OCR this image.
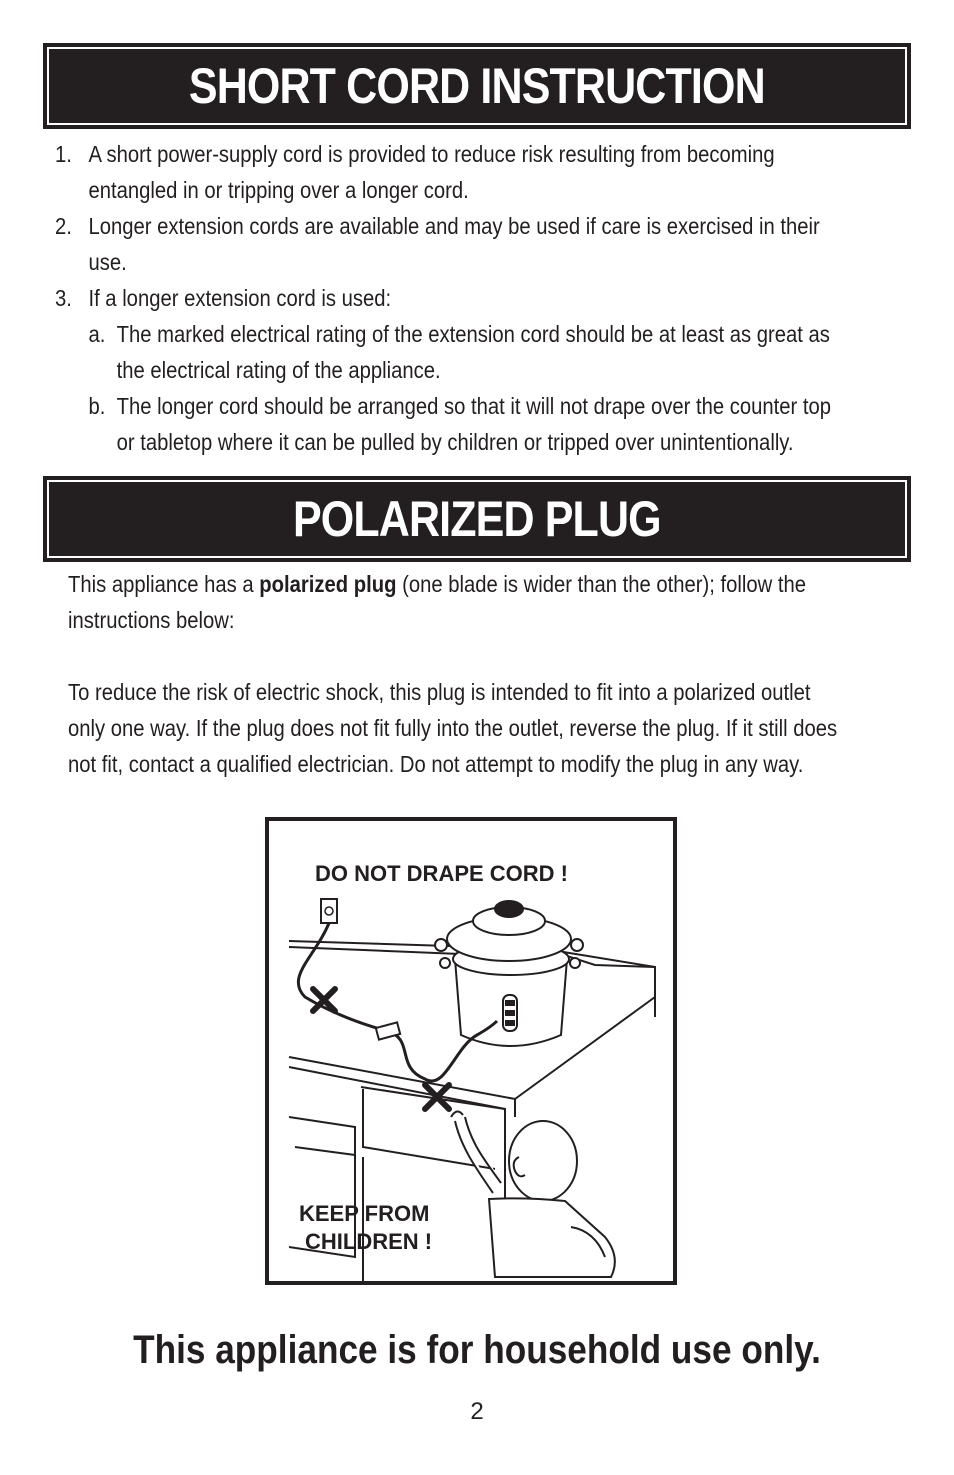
SHORT CORD INSTRUCTION
1. A short power-supply cord is provided to reduce risk resulting from becoming
entangled in or tripping over a longer cord.
2. Longer extension cords are available and may be used if care is exercised in their
use.
3. If a longer extension cord is used:
a. The marked electrical rating of the extension cord should be at least as great as
the electrical rating of the appliance.
b. The longer cord should be arranged so that it will not drape over the counter top
or tabletop where it can be pulled by children or tripped over unintentionally.
POLARIZED PLUG
This appliance has a polarized plug (one blade is wider than the other); follow the
instructions below:
To reduce the risk of electric shock, this plug is intended to fit into a polarized outlet
only one way. If the plug does not fit fully into the outlet, reverse the plug. If it still does
not fit, contact a qualified electrician. Do not attempt to modify the plug in any way.
DO NOT DRAPE CORD !
KEEP FROM
CHILDREN !
This appliance is for household use only.
2
